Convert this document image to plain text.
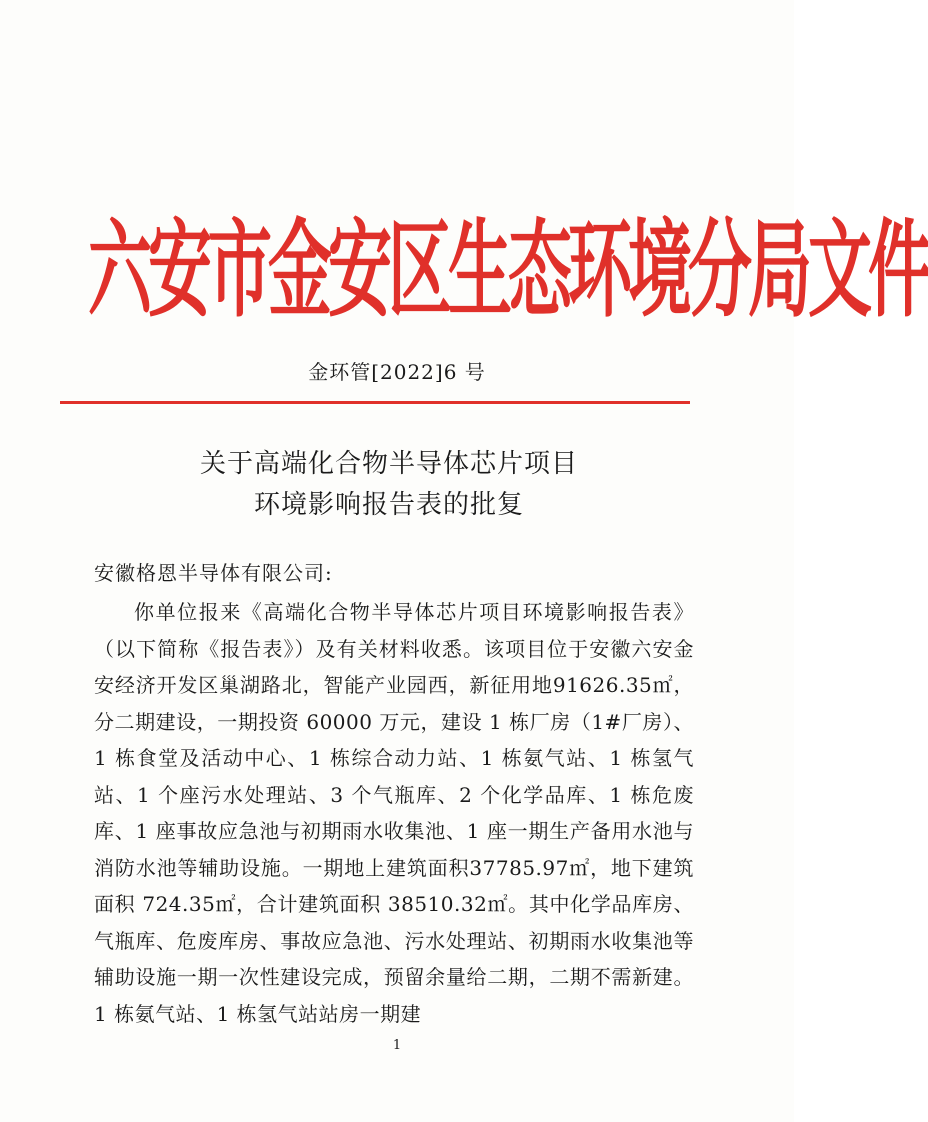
六安市金安区生态环境分局文件
金环管[2022]6 号
关于高端化合物半导体芯片项目
环境影响报告表的批复
安徽格恩半导体有限公司:
你单位报来《高端化合物半导体芯片项目环境影响报告表》（以下简称《报告表》）及有关材料收悉。该项目位于安徽六安金安经济开发区巢湖路北，智能产业园西，新征用地91626.35㎡，分二期建设，一期投资 60000 万元，建设 1 栋厂房（1#厂房）、1 栋食堂及活动中心、1 栋综合动力站、1 栋氨气站、1 栋氢气站、1 个座污水处理站、3 个气瓶库、2 个化学品库、1 栋危废库、1 座事故应急池与初期雨水收集池、1 座一期生产备用水池与消防水池等辅助设施。一期地上建筑面积37785.97㎡，地下建筑面积 724.35㎡，合计建筑面积 38510.32㎡。其中化学品库房、气瓶库、危废库房、事故应急池、污水处理站、初期雨水收集池等辅助设施一期一次性建设完成，预留余量给二期，二期不需新建。1 栋氨气站、1 栋氢气站站房一期建
1
